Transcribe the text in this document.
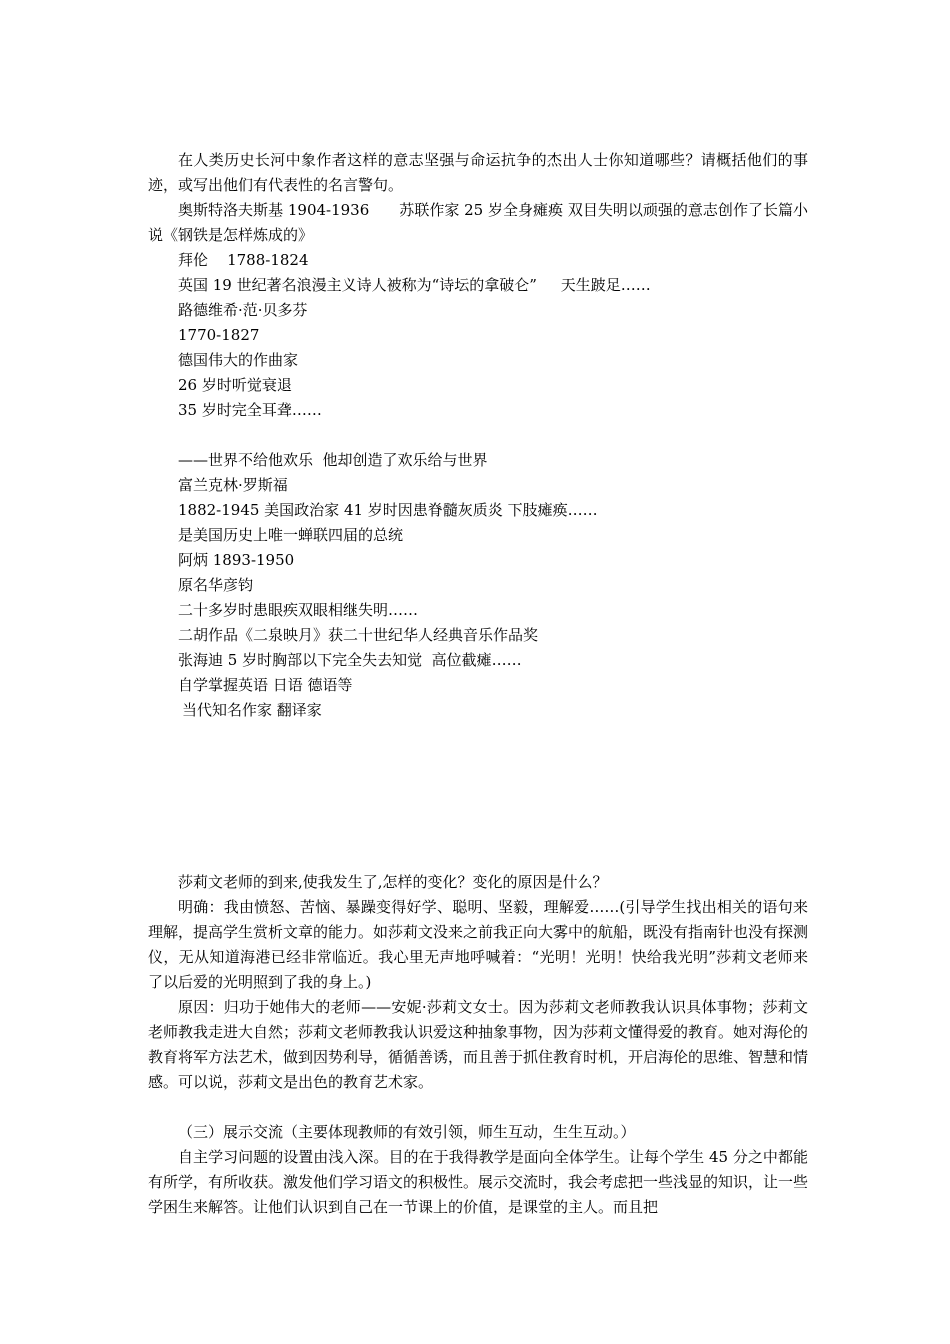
在人类历史长河中象作者这样的意志坚强与命运抗争的杰出人士你知道哪些？请概括他们的事迹，或写出他们有代表性的名言警句。

奥斯特洛夫斯基 1904-1936　　苏联作家 25 岁全身瘫痪 双目失明以顽强的意志创作了长篇小说《钢铁是怎样炼成的》

拜伦    1788-1824

英国 19 世纪著名浪漫主义诗人被称为“诗坛的拿破仑”     天生跛足……

路德维希·范·贝多芬

1770-1827

德国伟大的作曲家

26 岁时听觉衰退

35 岁时完全耳聋……

——世界不给他欢乐  他却创造了欢乐给与世界

富兰克林·罗斯福

1882-1945 美国政治家 41 岁时因患脊髓灰质炎 下肢瘫痪……

是美国历史上唯一蝉联四届的总统

阿炳 1893-1950

原名华彦钧

二十多岁时患眼疾双眼相继失明……

二胡作品《二泉映月》获二十世纪华人经典音乐作品奖

张海迪 5 岁时胸部以下完全失去知觉  高位截瘫……

自学掌握英语 日语 德语等

当代知名作家 翻译家

莎莉文老师的到来,使我发生了,怎样的变化？变化的原因是什么？

明确：我由愤怒、苦恼、暴躁变得好学、聪明、坚毅，理解爱……(引导学生找出相关的语句来理解，提高学生赏析文章的能力。如莎莉文没来之前我正向大雾中的航船，既没有指南针也没有探测仪，无从知道海港已经非常临近。我心里无声地呼喊着：“光明！光明！快给我光明”莎莉文老师来了以后爱的光明照到了我的身上。)

原因：归功于她伟大的老师——安妮·莎莉文女士。因为莎莉文老师教我认识具体事物；莎莉文老师教我走进大自然；莎莉文老师教我认识爱这种抽象事物，因为莎莉文懂得爱的教育。她对海伦的教育将军方法艺术，做到因势利导，循循善诱，而且善于抓住教育时机，开启海伦的思维、智慧和情感。可以说，莎莉文是出色的教育艺术家。

（三）展示交流（主要体现教师的有效引领，师生互动，生生互动。）

自主学习问题的设置由浅入深。目的在于我得教学是面向全体学生。让每个学生 45 分之中都能有所学，有所收获。激发他们学习语文的积极性。展示交流时，我会考虑把一些浅显的知识，让一些学困生来解答。让他们认识到自己在一节课上的价值，是课堂的主人。而且把
